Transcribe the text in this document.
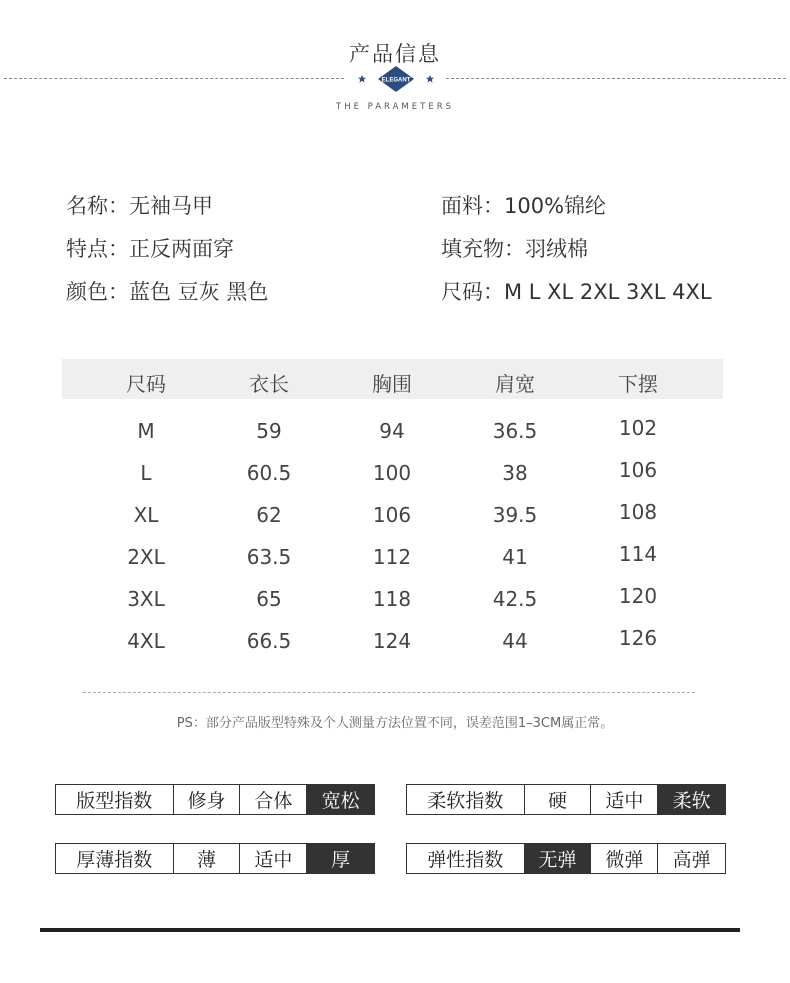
产品信息
ELEGANT
THE PARAMETERS
名称：无袖马甲	面料：100%锦纶
特点：正反两面穿	填充物：羽绒棉
颜色：蓝色 豆灰 黑色	尺码：M L XL 2XL 3XL 4XL
尺码	衣长	胸围	肩宽	下摆
M	59	94	36.5	102
L	60.5	100	38	106
XL	62	106	39.5	108
2XL	63.5	112	41	114
3XL	65	118	42.5	120
4XL	66.5	124	44	126
PS：部分产品版型特殊及个人测量方法位置不同，误差范围1–3CM属正常。
版型指数	修身	合体	宽松	柔软指数	硬	适中	柔软
厚薄指数	薄	适中	厚	弹性指数	无弹	微弹	高弹
